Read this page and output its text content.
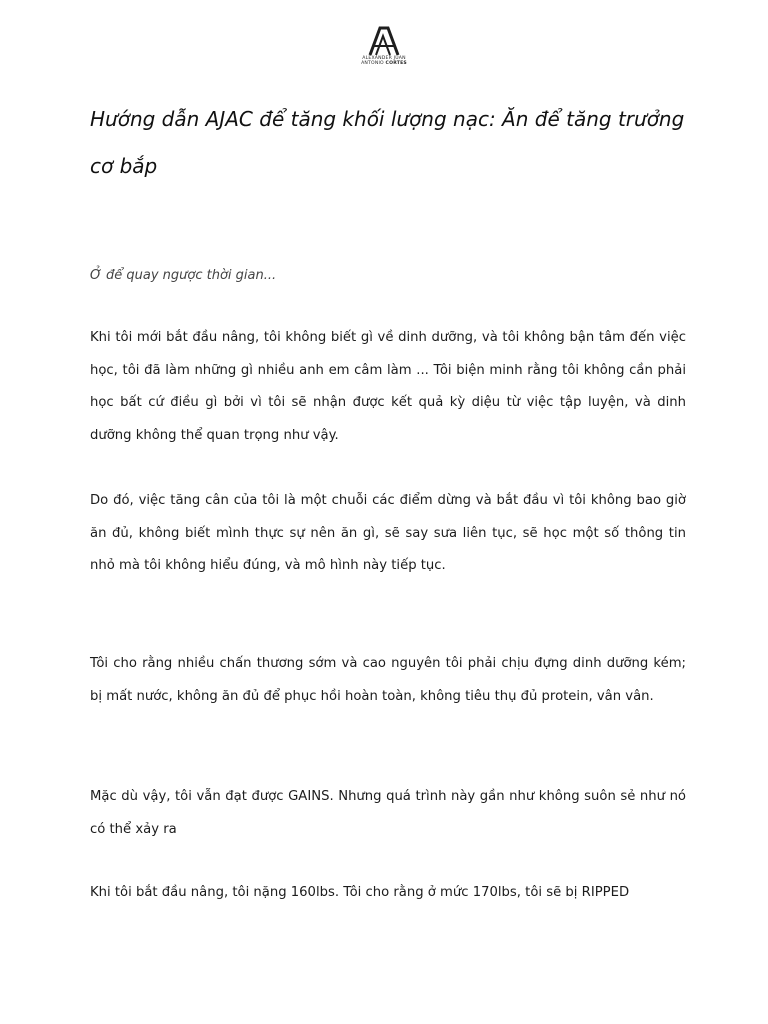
ALEXANDER JUAN
ANTONIO CORTES
Hướng dẫn AJAC để tăng khối lượng nạc: Ăn để tăng trưởng cơ bắp

Ở để quay ngược thời gian...

Khi tôi mới bắt đầu nâng, tôi không biết gì về dinh dưỡng, và tôi không bận tâm đến việc học, tôi đã làm những gì nhiều anh em câm làm ... Tôi biện minh rằng tôi không cần phải học bất cứ điều gì bởi vì tôi sẽ nhận được kết quả kỳ diệu từ việc tập luyện, và dinh dưỡng không thể quan trọng như vậy.

Do đó, việc tăng cân của tôi là một chuỗi các điểm dừng và bắt đầu vì tôi không bao giờ ăn đủ, không biết mình thực sự nên ăn gì, sẽ say sưa liên tục, sẽ học một số thông tin nhỏ mà tôi không hiểu đúng, và mô hình này tiếp tục.

Tôi cho rằng nhiều chấn thương sớm và cao nguyên tôi phải chịu đựng dinh dưỡng kém; bị mất nước, không ăn đủ để phục hồi hoàn toàn, không tiêu thụ đủ protein, vân vân.

Mặc dù vậy, tôi vẫn đạt được GAINS. Nhưng quá trình này gần như không suôn sẻ như nó có thể xảy ra

Khi tôi bắt đầu nâng, tôi nặng 160lbs. Tôi cho rằng ở mức 170lbs, tôi sẽ bị RIPPED
